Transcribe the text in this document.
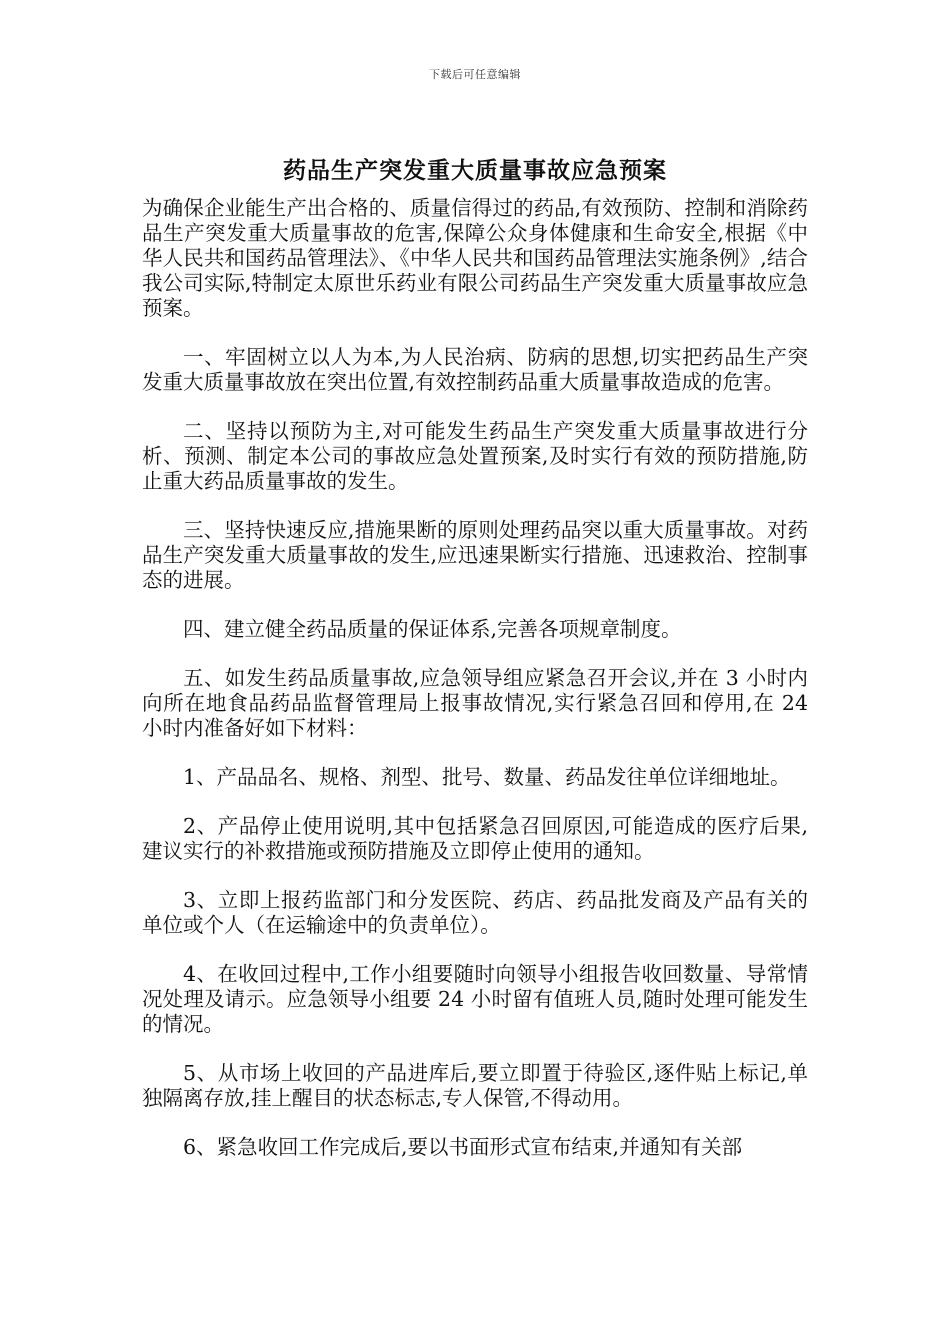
下载后可任意编辑
药品生产突发重大质量事故应急预案

为确保企业能生产出合格的、质量信得过的药品,有效预防、控制和消除药品生产突发重大质量事故的危害,保障公众身体健康和生命安全,根据《中华人民共和国药品管理法》、《中华人民共和国药品管理法实施条例》,结合我公司实际,特制定太原世乐药业有限公司药品生产突发重大质量事故应急预案。

一、牢固树立以人为本,为人民治病、防病的思想,切实把药品生产突发重大质量事故放在突出位置,有效控制药品重大质量事故造成的危害。

二、坚持以预防为主,对可能发生药品生产突发重大质量事故进行分析、预测、制定本公司的事故应急处置预案,及时实行有效的预防措施,防止重大药品质量事故的发生。

三、坚持快速反应,措施果断的原则处理药品突以重大质量事故。对药品生产突发重大质量事故的发生,应迅速果断实行措施、迅速救治、控制事态的进展。

四、建立健全药品质量的保证体系,完善各项规章制度。

五、如发生药品质量事故,应急领导组应紧急召开会议,并在 3 小时内向所在地食品药品监督管理局上报事故情况,实行紧急召回和停用,在 24 小时内准备好如下材料：

1、产品品名、规格、剂型、批号、数量、药品发往单位详细地址。

2、产品停止使用说明,其中包括紧急召回原因,可能造成的医疗后果,建议实行的补救措施或预防措施及立即停止使用的通知。

3、立即上报药监部门和分发医院、药店、药品批发商及产品有关的单位或个人（在运输途中的负责单位）。

4、在收回过程中,工作小组要随时向领导小组报告收回数量、导常情况处理及请示。应急领导小组要 24 小时留有值班人员,随时处理可能发生的情况。

5、从市场上收回的产品进库后,要立即置于待验区,逐件贴上标记,单独隔离存放,挂上醒目的状态标志,专人保管,不得动用。

6、紧急收回工作完成后,要以书面形式宣布结束,并通知有关部
